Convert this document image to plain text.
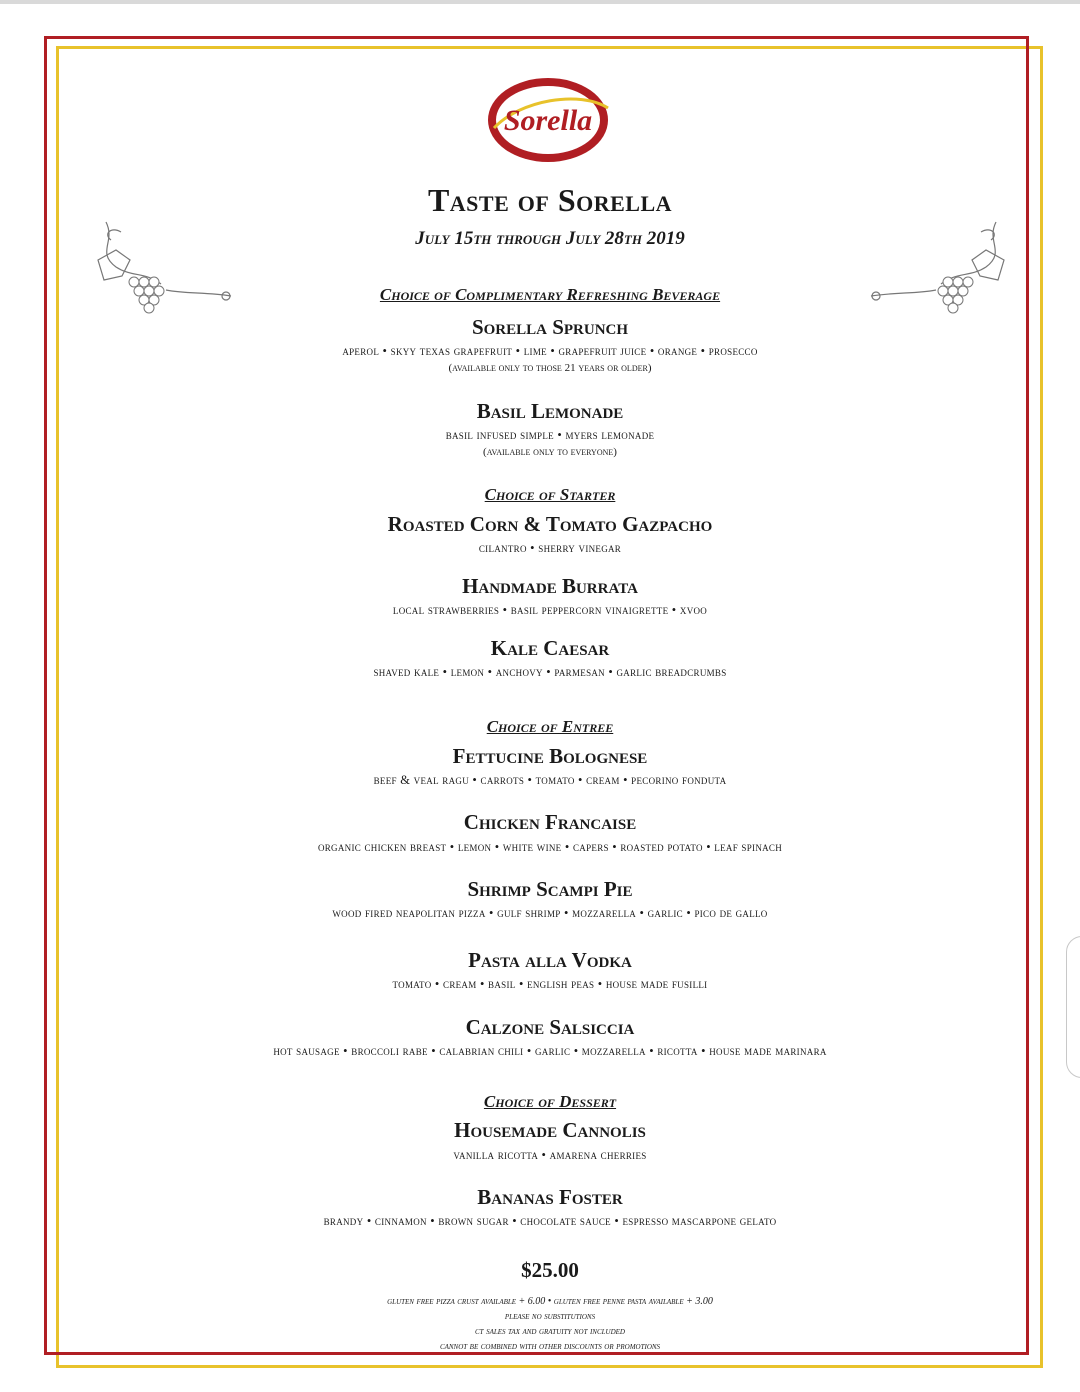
Sorella
Taste of Sorella
July 15th through July 28th 2019
Choice of Complimentary Refreshing Beverage
Sorella Sprunch
aperol • skyy texas grapefruit • lime • grapefruit juice • orange • prosecco
(available only to those 21 years or older)
Basil Lemonade
basil infused simple • myers lemonade
(available only to everyone)
Choice of Starter
Roasted Corn & Tomato Gazpacho
cilantro • sherry vinegar
Handmade Burrata
local strawberries • basil peppercorn vinaigrette • xvoo
Kale Caesar
shaved kale • lemon • anchovy • parmesan • garlic breadcrumbs
Choice of Entree
Fettucine Bolognese
beef & veal ragu • carrots • tomato • cream • pecorino fonduta
Chicken Francaise
organic chicken breast • lemon • white wine • capers • roasted potato • leaf spinach
Shrimp Scampi Pie
wood fired neapolitan pizza • gulf shrimp • mozzarella • garlic • pico de gallo
Pasta alla Vodka
tomato • cream • basil • english peas • house made fusilli
Calzone Salsiccia
hot sausage • broccoli rabe • calabrian chili • garlic • mozzarella • ricotta • house made marinara
Choice of Dessert
Housemade Cannolis
vanilla ricotta • amarena cherries
Bananas Foster
brandy • cinnamon • brown sugar • chocolate sauce • espresso mascarpone gelato
$25.00
gluten free pizza crust available + 6.00 • gluten free penne pasta available + 3.00
please no substitutions
ct sales tax and gratuity not included
cannot be combined with other discounts or promotions
